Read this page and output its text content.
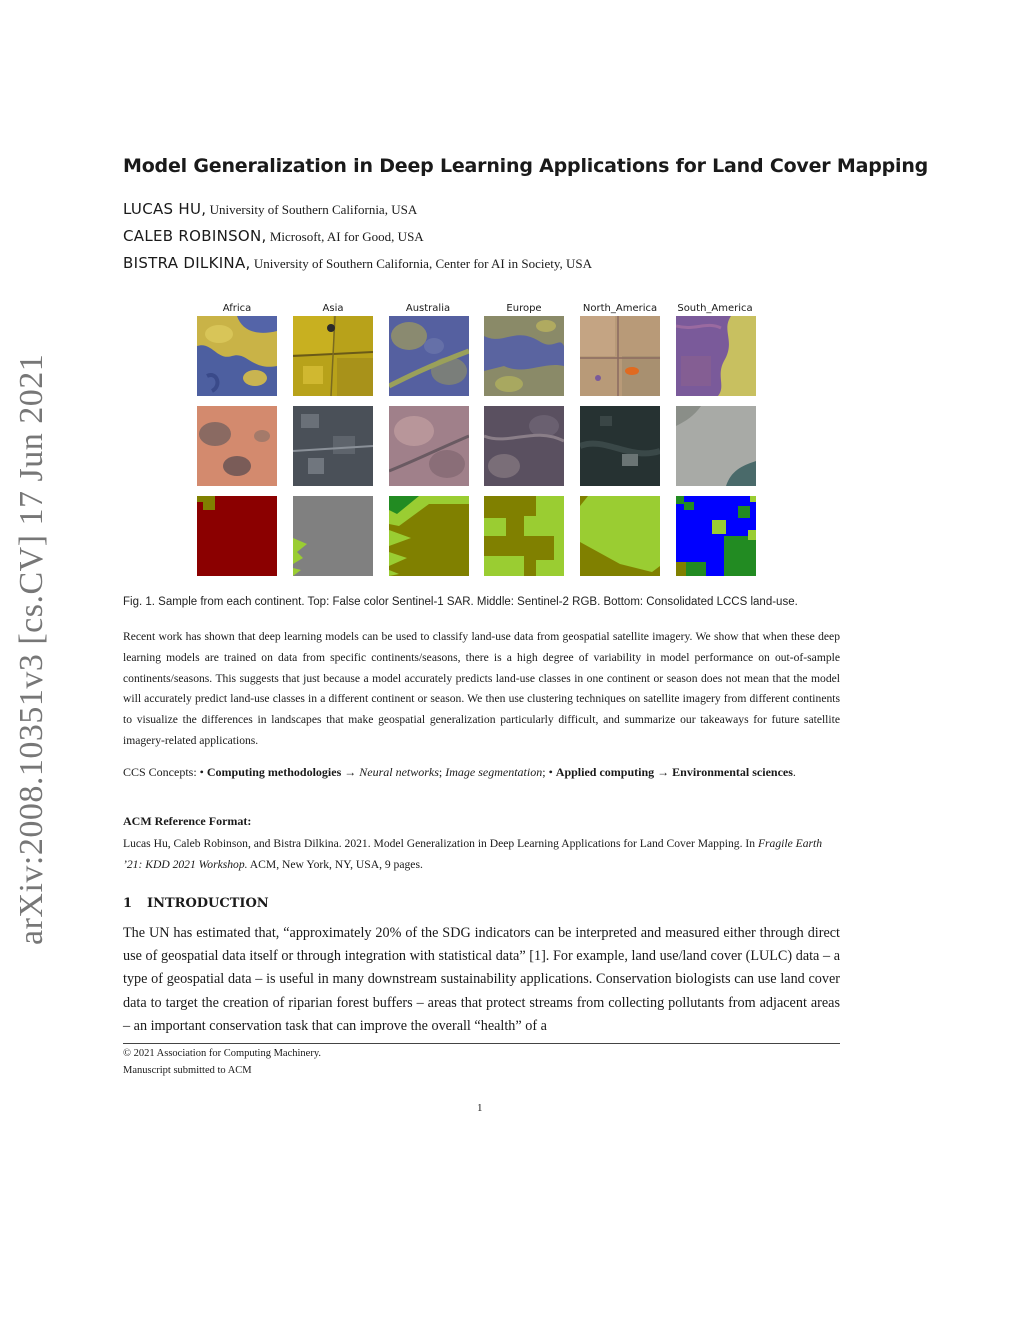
arXiv:2008.10351v3 [cs.CV] 17 Jun 2021
Model Generalization in Deep Learning Applications for Land Cover Mapping
LUCAS HU, University of Southern California, USA
CALEB ROBINSON, Microsoft, AI for Good, USA
BISTRA DILKINA, University of Southern California, Center for AI in Society, USA
Africa	Asia	Australia	Europe	North_America	South_America
Fig. 1. Sample from each continent. Top: False color Sentinel-1 SAR. Middle: Sentinel-2 RGB. Bottom: Consolidated LCCS land-use.
Recent work has shown that deep learning models can be used to classify land-use data from geospatial satellite imagery. We show that when these deep learning models are trained on data from specific continents/seasons, there is a high degree of variability in model performance on out-of-sample continents/seasons. This suggests that just because a model accurately predicts land-use classes in one continent or season does not mean that the model will accurately predict land-use classes in a different continent or season. We then use clustering techniques on satellite imagery from different continents to visualize the differences in landscapes that make geospatial generalization particularly difficult, and summarize our takeaways for future satellite imagery-related applications.
CCS Concepts: • Computing methodologies → Neural networks; Image segmentation; • Applied computing → Environmental sciences.
ACM Reference Format:
Lucas Hu, Caleb Robinson, and Bistra Dilkina. 2021. Model Generalization in Deep Learning Applications for Land Cover Mapping. In Fragile Earth ’21: KDD 2021 Workshop. ACM, New York, NY, USA, 9 pages.
1 INTRODUCTION
The UN has estimated that, “approximately 20% of the SDG indicators can be interpreted and measured either through direct use of geospatial data itself or through integration with statistical data” [1]. For example, land use/land cover (LULC) data – a type of geospatial data – is useful in many downstream sustainability applications. Conservation biologists can use land cover data to target the creation of riparian forest buffers – areas that protect streams from collecting pollutants from adjacent areas – an important conservation task that can improve the overall “health” of a
© 2021 Association for Computing Machinery.
Manuscript submitted to ACM
1
